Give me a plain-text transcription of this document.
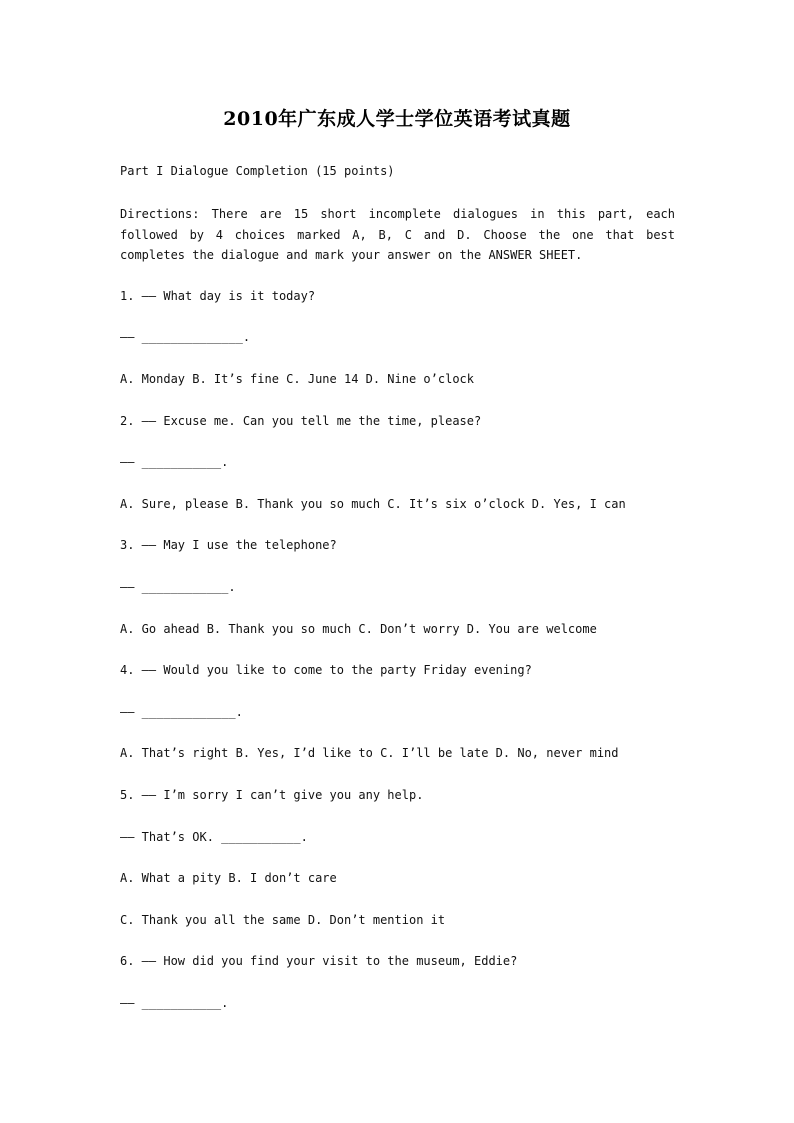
2010年广东成人学士学位英语考试真题
Part I Dialogue Completion (15 points)
Directions: There are 15 short incomplete dialogues in this part, each followed by 4 choices marked A, B, C and D. Choose the one that best completes the dialogue and mark your answer on the ANSWER SHEET.
1. —— What day is it today?
—— ______________.
A. Monday B. It’s fine C. June 14 D. Nine o’clock
2. —— Excuse me. Can you tell me the time, please?
—— ___________.
A. Sure, please B. Thank you so much C. It’s six o’clock D. Yes, I can
3. —— May I use the telephone?
—— ____________.
A. Go ahead B. Thank you so much C. Don’t worry D. You are welcome
4. —— Would you like to come to the party Friday evening?
—— _____________.
A. That’s right B. Yes, I’d like to C. I’ll be late D. No, never mind
5. —— I’m sorry I can’t give you any help.
—— That’s OK. ___________.
A. What a pity B. I don’t care
C. Thank you all the same D. Don’t mention it
6. —— How did you find your visit to the museum, Eddie?
—— ___________.
